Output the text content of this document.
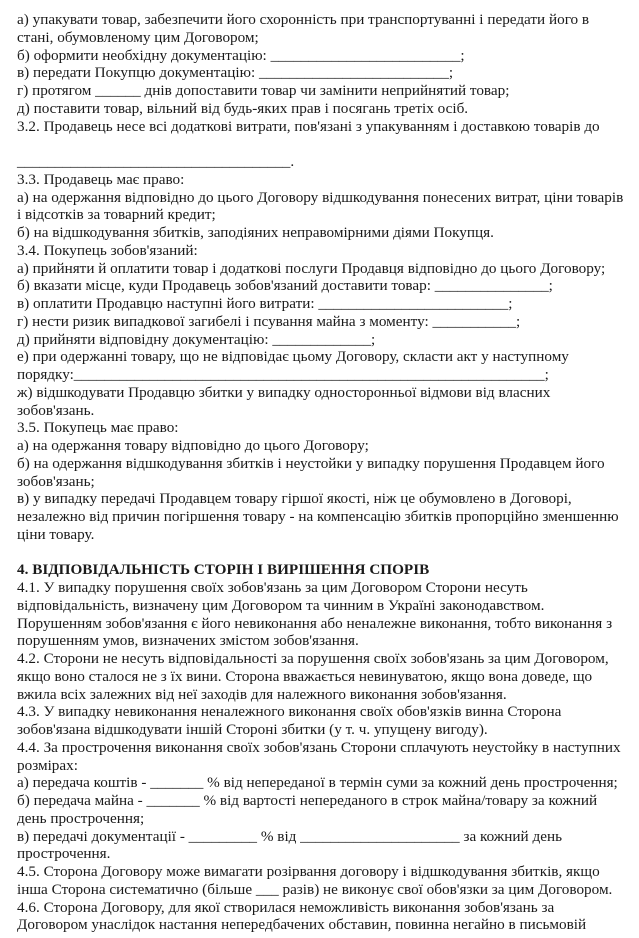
а) упакувати товар, забезпечити його схоронність при транспортуванні і передати його в
стані, обумовленому цим Договором;
б) оформити необхідну документацію: _________________________;
в) передати Покупцю документацію: _________________________;
г) протягом ______ днів допоставити товар чи замінити неприйнятий товар;
д) поставити товар, вільний від будь-яких прав і посягань третіх осіб.
3.2. Продавець несе всі додаткові витрати, пов'язані з упакуванням і доставкою товарів до

____________________________________.
3.3. Продавець має право:
а) на одержання відповідно до цього Договору відшкодування понесених витрат, ціни товарів
і відсотків за товарний кредит;
б) на відшкодування збитків, заподіяних неправомірними діями Покупця.
3.4. Покупець зобов'язаний:
а) прийняти й оплатити товар і додаткові послуги Продавця відповідно до цього Договору;
б) вказати місце, куди Продавець зобов'язаний доставити товар: _______________;
в) оплатити Продавцю наступні його витрати: _________________________;
г) нести ризик випадкової загибелі і псування майна з моменту: ___________;
д) прийняти відповідну документацію: _____________;
е) при одержанні товару, що не відповідає цьому Договору, скласти акт у наступному
порядку:______________________________________________________________;
ж) відшкодувати Продавцю збитки у випадку односторонньої відмови від власних
зобов'язань.
3.5. Покупець має право:
а) на одержання товару відповідно до цього Договору;
б) на одержання відшкодування збитків і неустойки у випадку порушення Продавцем його
зобов'язань;
в) у випадку передачі Продавцем товару гіршої якості, ніж це обумовлено в Договорі,
незалежно від причин погіршення товару - на компенсацію збитків пропорційно зменшенню
ціни товару.
4. ВІДПОВІДАЛЬНІСТЬ СТОРІН І ВИРІШЕННЯ СПОРІВ
4.1. У випадку порушення своїх зобов'язань за цим Договором Сторони несуть
відповідальність, визначену цим Договором та чинним в Україні законодавством.
Порушенням зобов'язання є його невиконання або неналежне виконання, тобто виконання з
порушенням умов, визначених змістом зобов'язання.
4.2. Сторони не несуть відповідальності за порушення своїх зобов'язань за цим Договором,
якщо воно сталося не з їх вини. Сторона вважається невинуватою, якщо вона доведе, що
вжила всіх залежних від неї заходів для належного виконання зобов'язання.
4.3. У випадку невиконання неналежного виконання своїх обов'язків винна Сторона
зобов'язана відшкодувати іншій Стороні збитки (у т. ч. упущену вигоду).
4.4. За прострочення виконання своїх зобов'язань Сторони сплачують неустойку в наступних
розмірах:
а) передача коштів - _______ % від непереданої в термін суми за кожний день прострочення;
б) передача майна - _______ % від вартості непереданого в строк майна/товару за кожний
день прострочення;
в) передачі документації - _________ % від _____________________ за кожний день
прострочення.
4.5. Сторона Договору може вимагати розірвання договору і відшкодування збитків, якщо
інша Сторона систематично (більше ___ разів) не виконує свої обов'язки за цим Договором.
4.6. Сторона Договору, для якої створилася неможливість виконання зобов'язань за
Договором унаслідок настання непередбачених обставин, повинна негайно в письмовій
